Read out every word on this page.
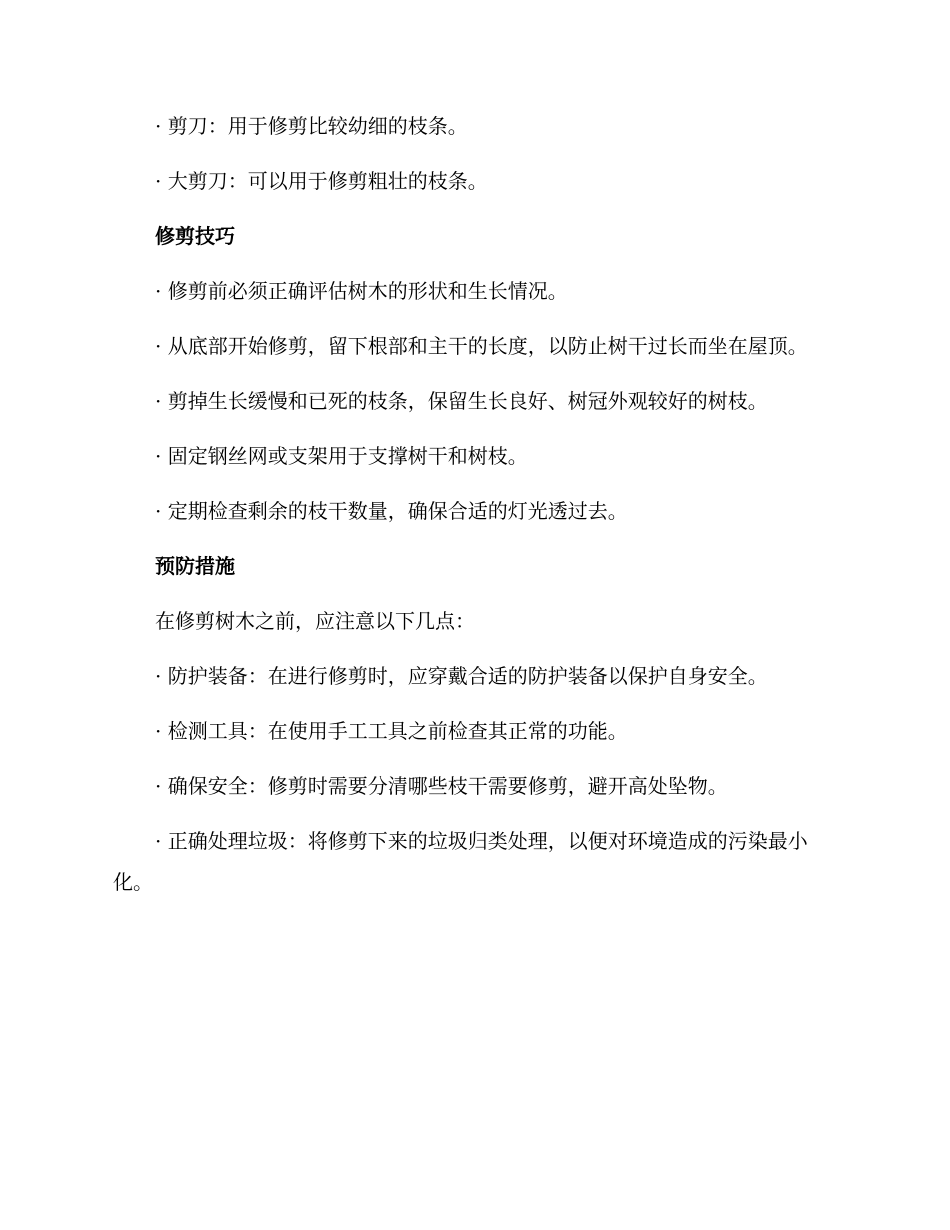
· 剪刀：用于修剪比较幼细的枝条。

· 大剪刀：可以用于修剪粗壮的枝条。

修剪技巧

· 修剪前必须正确评估树木的形状和生长情况。

· 从底部开始修剪，留下根部和主干的长度，以防止树干过长而坐在屋顶。

· 剪掉生长缓慢和已死的枝条，保留生长良好、树冠外观较好的树枝。

· 固定钢丝网或支架用于支撑树干和树枝。

· 定期检查剩余的枝干数量，确保合适的灯光透过去。

预防措施

在修剪树木之前，应注意以下几点：

· 防护装备：在进行修剪时，应穿戴合适的防护装备以保护自身安全。

· 检测工具：在使用手工工具之前检查其正常的功能。

· 确保安全：修剪时需要分清哪些枝干需要修剪，避开高处坠物。

· 正确处理垃圾：将修剪下来的垃圾归类处理，以便对环境造成的污染最小化。
